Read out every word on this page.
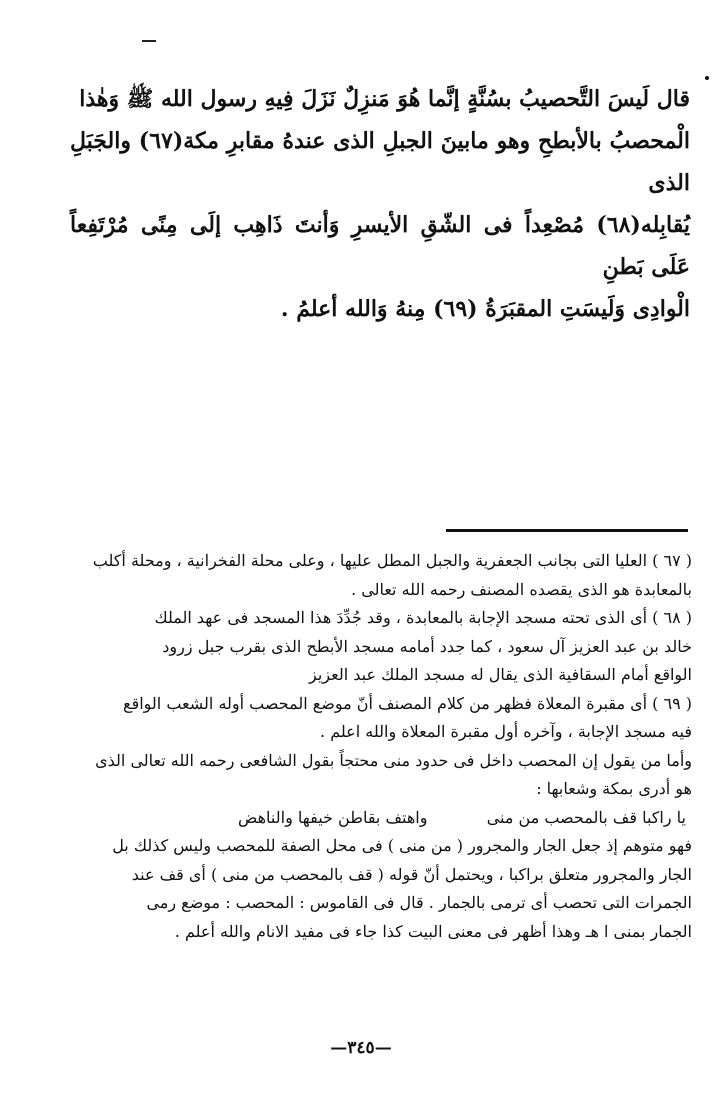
قال لَيسَ التَّحصيبُ بسُنَّةٍ إنَّما هُوَ مَنزِلٌ نَزَلَ فِيهِ رسول الله ﷺ وَهٰذا

الْمحصبُ بالأبطحِ وهو مابينَ الجبلِ الذى عندهُ مقابرِ مكة(٦٧) والجَبَلِ الذى

يُقابِله(٦٨) مُصْعِداً فى الشّقِ الأيسرِ وَأنتَ ذَاهِب إلَى مِنًى مُرْتَفِعاً عَلَى بَطنِ

الْوادِى وَلَيسَتِ المقبَرَةُ (٦٩) مِنهُ وَالله أعلمُ .

( ٦٧ ) العليا التى بجانب الجعفرية والجبل المطل عليها ، وعلى محلة الفخرانية ، ومحلة أكلب

بالمعابدة هو الذى يقصده المصنف رحمه الله تعالى .

( ٦٨ ) أى الذى تحته مسجد الإجابة بالمعابدة ، وقد جُدِّدَ هذا المسجد فى عهد الملك

خالد بن عبد العزيز آل سعود ، كما جدد أمامه مسجد الأبطح الذى بقرب جبل زرود

الواقع أمام السقافية الذى يقال له مسجد الملك عبد العزيز

( ٦٩ ) أى مقبرة المعلاة فظهر من كلام المصنف أنّ موضع المحصب أوله الشعب الواقع

فيه مسجد الإجابة ، وآخره أول مقبرة المعلاة والله اعلم .

وأما من يقول إن المحصب داخل فى حدود منى محتجاً بقول الشافعى رحمه الله تعالى الذى

هو أدرى بمكة وشعابها :

يا راكبا قف بالمحصب من منى
واهتف بقاطن خيفها والناهض

فهو متوهم إذ جعل الجار والمجرور ( من منى ) فى محل الصفة للمحصب وليس كذلك بل

الجار والمجرور متعلق براكبا ، ويحتمل أنّ قوله ( قف بالمحصب من منى ) أى قف عند

الجمرات التى تحصب أى ترمى بالجمار . قال فى القاموس : المحصب : موضع رمى

الجمار بمنى ا هـ وهذا أظهر فى معنى البيت كذا جاء فى مفيد الانام والله أعلم .

—٣٤٥—
